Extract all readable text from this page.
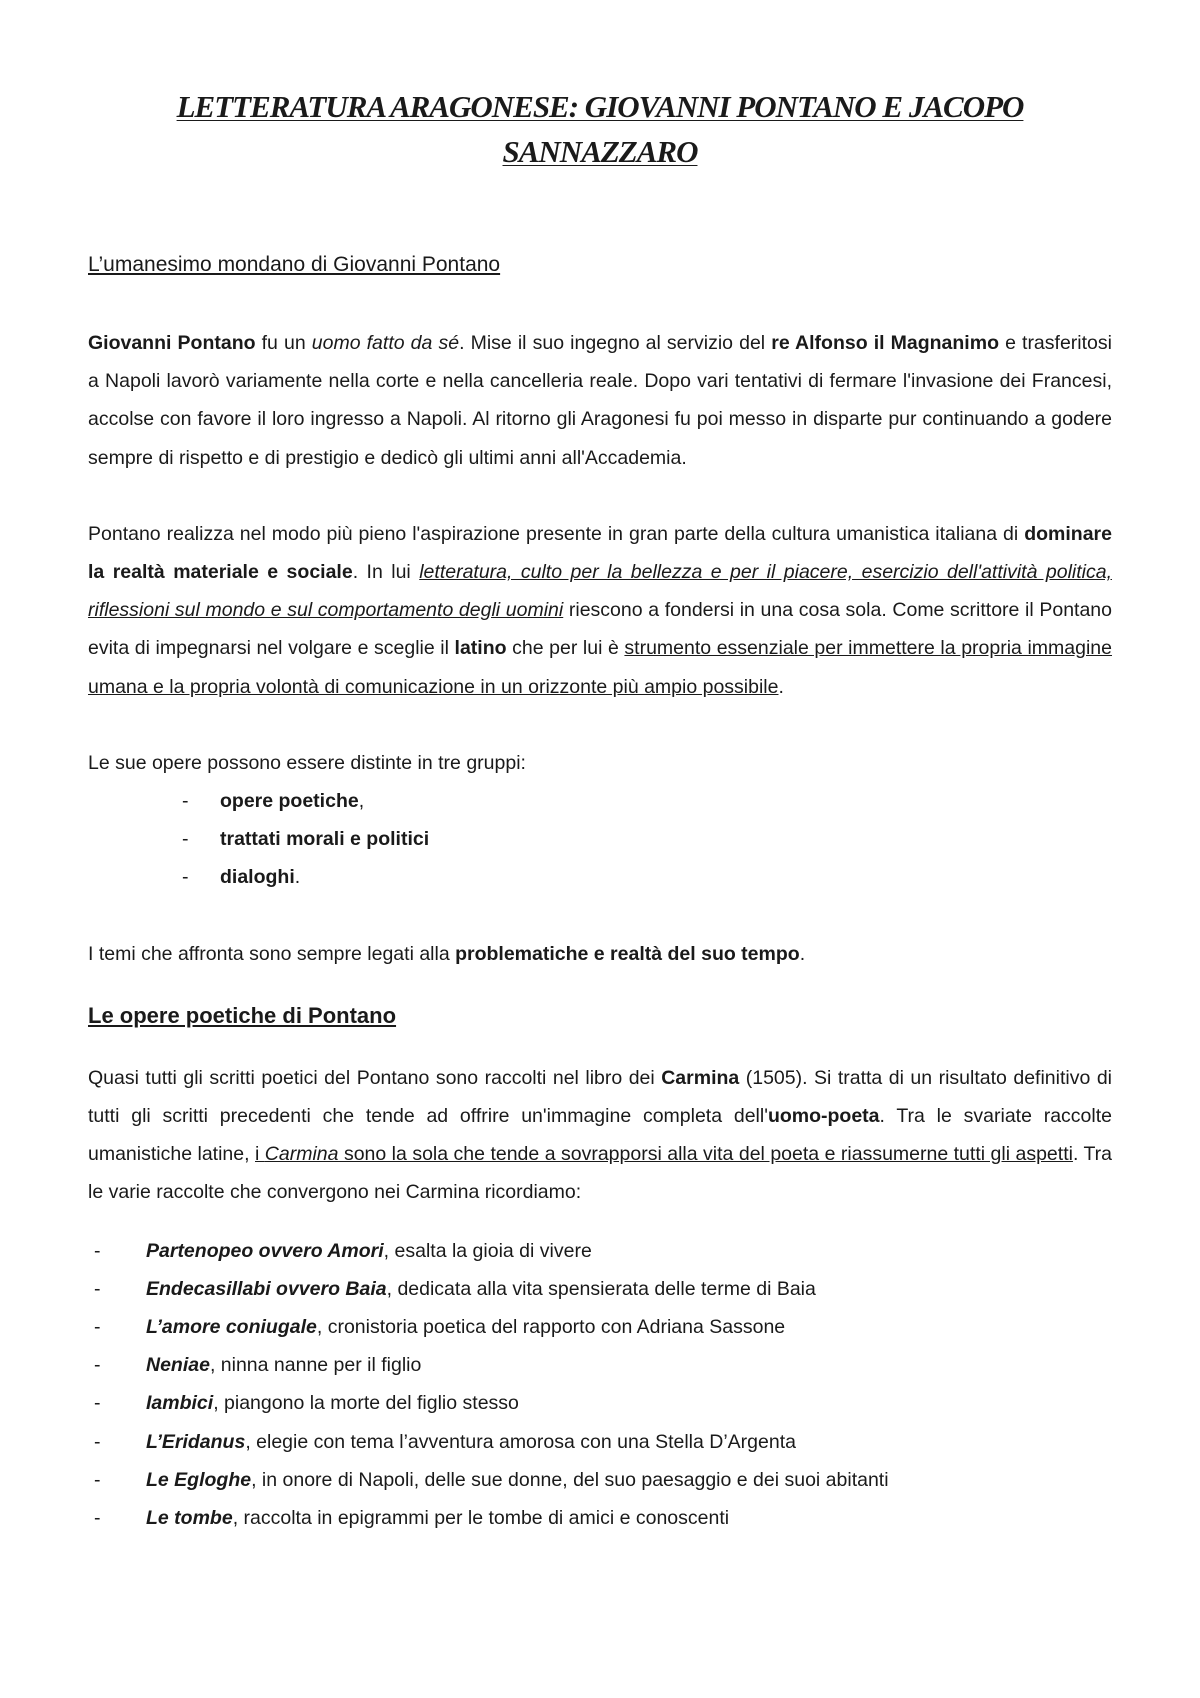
LETTERATURA ARAGONESE: GIOVANNI PONTANO E JACOPO SANNAZZARO
L’umanesimo mondano di Giovanni Pontano
Giovanni Pontano fu un uomo fatto da sé. Mise il suo ingegno al servizio del re Alfonso il Magnanimo e trasferitosi a Napoli lavorò variamente nella corte e nella cancelleria reale. Dopo vari tentativi di fermare l'invasione dei Francesi, accolse con favore il loro ingresso a Napoli. Al ritorno gli Aragonesi fu poi messo in disparte pur continuando a godere sempre di rispetto e di prestigio e dedicò gli ultimi anni all'Accademia.
Pontano realizza nel modo più pieno l'aspirazione presente in gran parte della cultura umanistica italiana di dominare la realtà materiale e sociale. In lui letteratura, culto per la bellezza e per il piacere, esercizio dell'attività politica, riflessioni sul mondo e sul comportamento degli uomini riescono a fondersi in una cosa sola. Come scrittore il Pontano evita di impegnarsi nel volgare e sceglie il latino che per lui è strumento essenziale per immettere la propria immagine umana e la propria volontà di comunicazione in un orizzonte più ampio possibile.
Le sue opere possono essere distinte in tre gruppi:
- opere poetiche,
- trattati morali e politici
- dialoghi.
I temi che affronta sono sempre legati alla problematiche e realtà del suo tempo.
Le opere poetiche di Pontano
Quasi tutti gli scritti poetici del Pontano sono raccolti nel libro dei Carmina (1505). Si tratta di un risultato definitivo di tutti gli scritti precedenti che tende ad offrire un'immagine completa dell'uomo-poeta. Tra le svariate raccolte umanistiche latine, i Carmina sono la sola che tende a sovrapporsi alla vita del poeta e riassumerne tutti gli aspetti. Tra le varie raccolte che convergono nei Carmina ricordiamo:
- Partenopeo ovvero Amori, esalta la gioia di vivere
- Endecasillabi ovvero Baia, dedicata alla vita spensierata delle terme di Baia
- L’amore coniugale, cronistoria poetica del rapporto con Adriana Sassone
- Neniae, ninna nanne per il figlio
- Iambici, piangono la morte del figlio stesso
- L’Eridanus, elegie con tema l’avventura amorosa con una Stella D’Argenta
- Le Egloghe, in onore di Napoli, delle sue donne, del suo paesaggio e dei suoi abitanti
- Le tombe, raccolta in epigrammi per le tombe di amici e conoscenti
